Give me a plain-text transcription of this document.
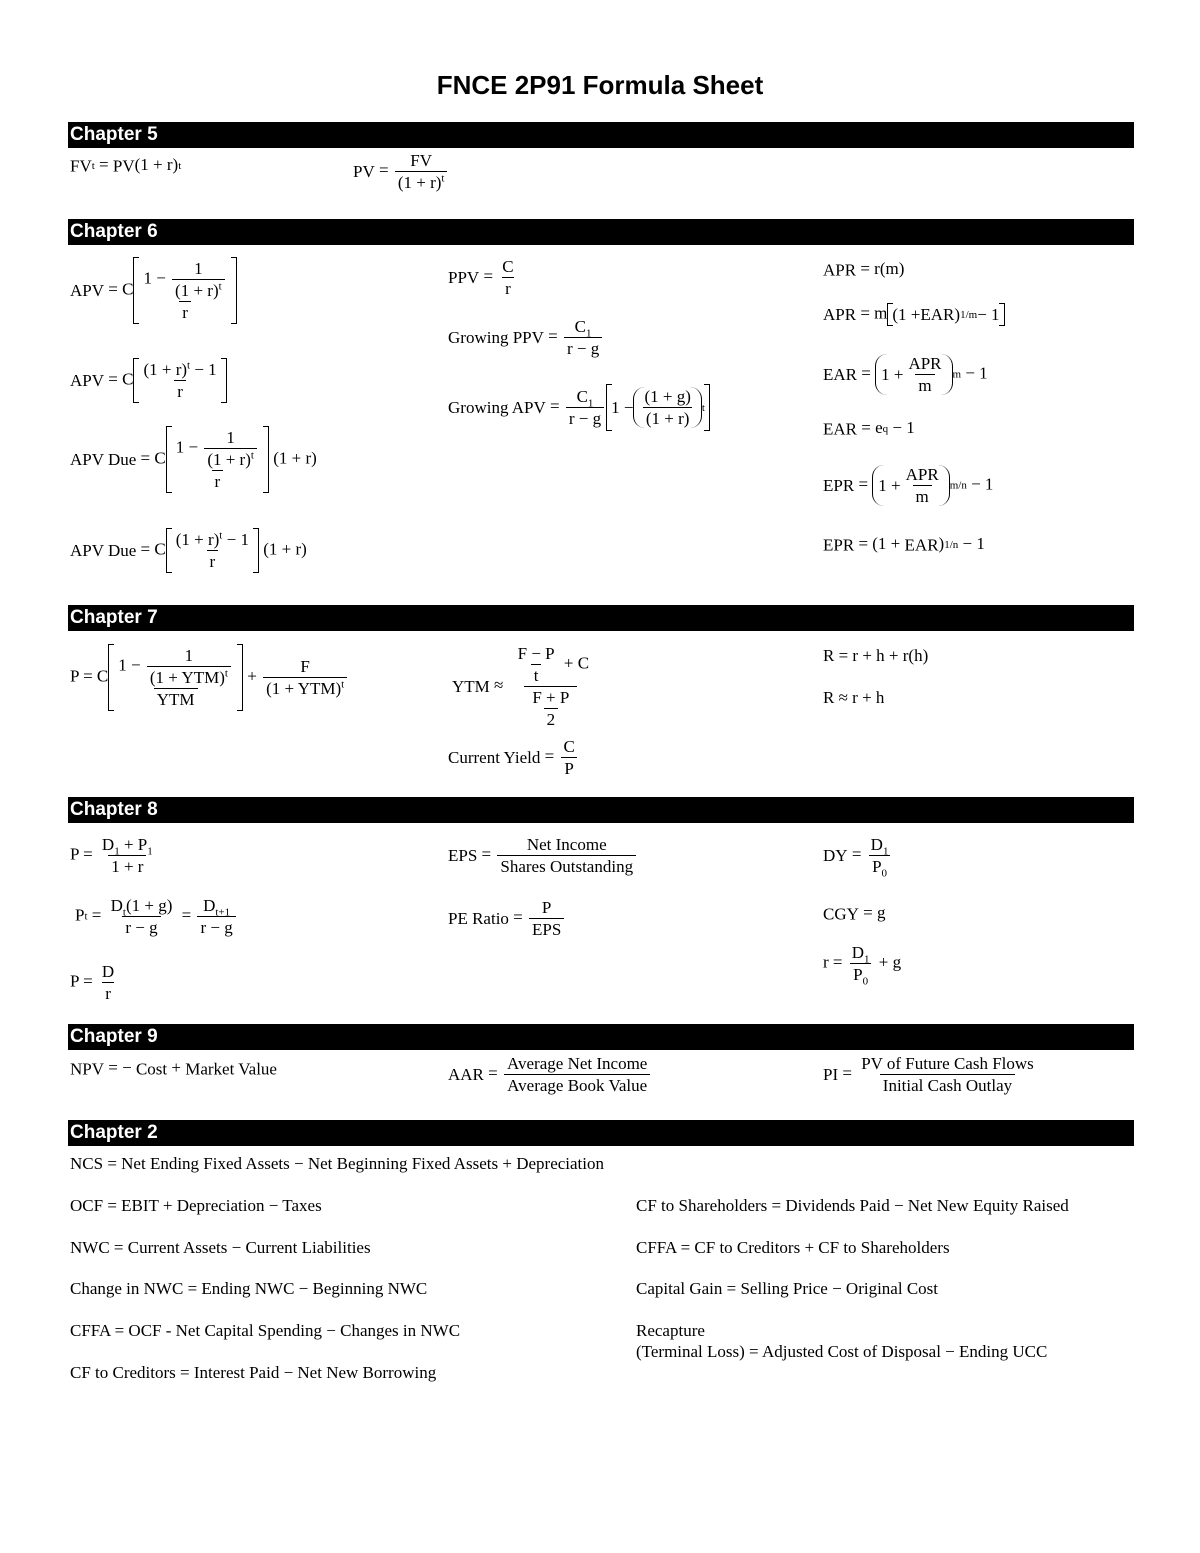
FNCE 2P91 Formula Sheet
Chapter 5
FVt = PV(1 + r)t	PV = $\frac{FV}{(1 + r)^t}$
Chapter 6
APV = C $\frac{1 - \frac{1}{(1 + r)^t}}{r}$
APV = C $\frac{(1 + r)^t - 1}{r}$
APV Due = C $\frac{1 - \frac{1}{(1 + r)^t}}{r} (1 + r)$
APV Due = C $\frac{(1 + r)^t - 1}{r} (1 + r)$
PPV = $\frac{C}{r}$
Growing PPV = $\frac{C_1}{r - g}$
Growing APV = $\frac{C_1}{r - g} 1 - \frac{(1 + g)}{(1 + r)}$ t
APR = r(m)
APR = m (1 + EAR ) 1/m − 1
EAR = $1 + \frac{\text{APR}}{m}$ m − 1
EAR = eq − 1
EPR = $1 + \frac{\text{APR}}{m} m/n - 1$
EPR = (1 + EAR)1/n − 1
Chapter 7
P = C $\frac{1 - \frac{1}{(1 + YTM)^t}}{\text{YTM}} + \frac{F}{(1 + YTM)^t}$	YTM ≈ $\frac{\frac{F - P}{t} + C}{\frac{F + P}{2}}$
Current Yield = $\frac{C}{P}$
R = r + h + r(h)
R ≈ r + h
Chapter 8
$P = \frac{D_1 + P_1}{1 + r}$
$Pt = \frac{D_t(1 + g)}{r - g} = \frac{D_{t+1}}{r - g}$
$P = \frac{D}{r}$
EPS = $\frac{\text{Net Income}}{\text{Shares Outstanding}}$
PE Ratio = $\frac{P}{\text{EPS}}$
DY = $\frac{D_1}{P_0}$
CGY = g
$r = \frac{D_1}{P_0} + g$
Chapter 9
NPV = − Cost + Market Value	AAR = $\frac{\text{Average Net Income}}{\text{Average Book Value}}$	PI = $\frac{\text{PV of Future Cash Flows}}{\text{Initial Cash Outlay}}$
Chapter 2
NCS = Net Ending Fixed Assets − Net Beginning Fixed Assets + Depreciation
OCF = EBIT + Depreciation − Taxes
NWC = Current Assets − Current Liabilities
Change in NWC = Ending NWC − Beginning NWC
CFFA = OCF - Net Capital Spending − Changes in NWC
CF to Creditors = Interest Paid − Net New Borrowing
CF to Shareholders = Dividends Paid − Net New Equity Raised
CFFA = CF to Creditors + CF to Shareholders
Capital Gain = Selling Price − Original Cost
Recapture
(Terminal Loss) = Adjusted Cost of Disposal − Ending UCC
